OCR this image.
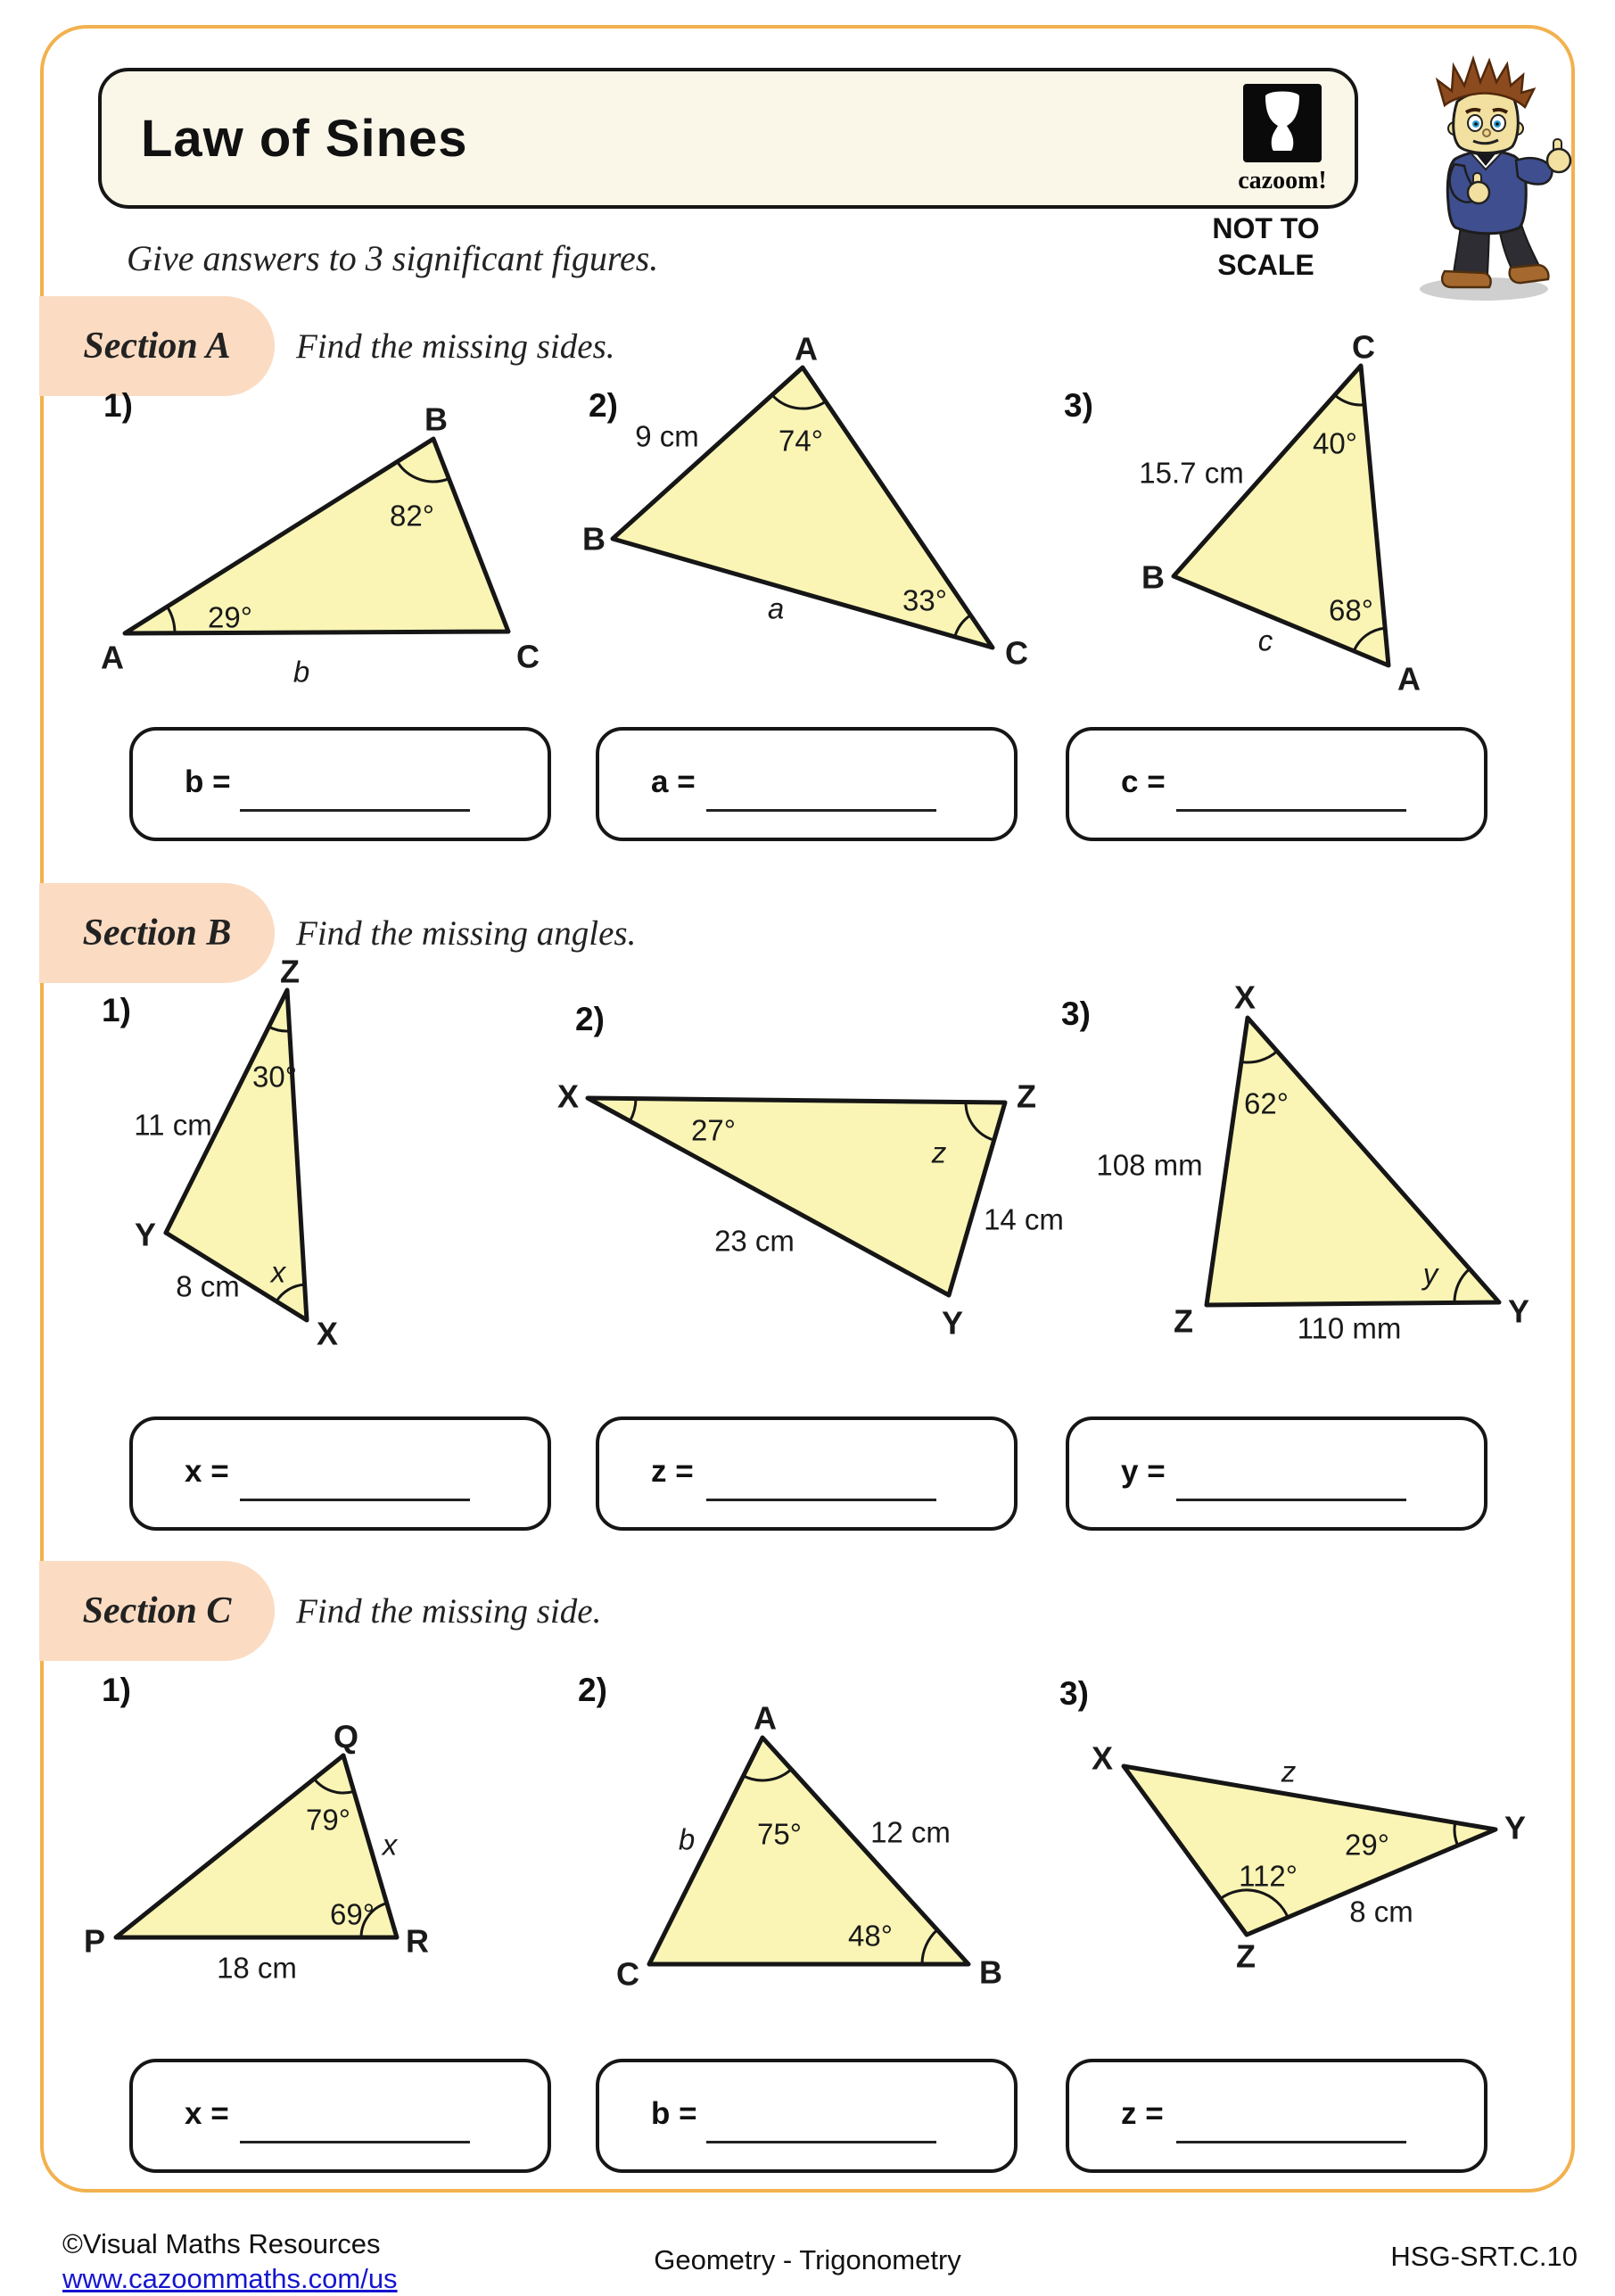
Law of Sines
cazoom!
Give answers to 3 significant figures.
NOT TO
SCALE
Section A Find the missing sides.
Section B Find the missing angles.
Section C Find the missing side.
A
B
C
82°
29°
b
1)
A
B
C
74°
33°
9 cm
a
2)
C
B
A
40°
68°
15.7 cm
c
3)
Z
Y
X
30°
11 cm
8 cm x
1)
X	Z
Y
27°
z
23 cm
14 cm
2)
X
Z	Y
62°
y
108 mm
110 mm
3)
Q
P	R
79°
69°
x
18 cm
1)
A
C	B
75°
48°
b	12 cm
2)
X
Y
Z
29°
112°
z
8 cm
3)
b =	a =	c =
x =	z =	y =
x =	b =	z =
©Visual Maths Resources
www.cazoommaths.com/us
Geometry - Trigonometry	HSG-SRT.C.10
